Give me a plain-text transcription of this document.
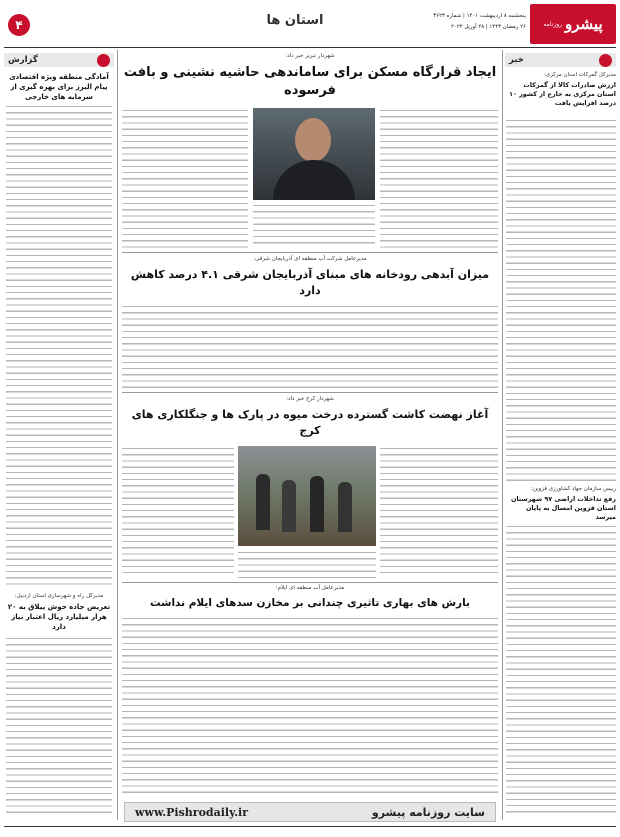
۴	استان ها	پنجشنبه ۸ اردیبهشت ۱۴۰۱ | شماره ۳۶۲۳
۲۶ رمضان ۱۴۴۳ | ۲۸ آوریل ۲۰۲۲	پیشرو
روزنامه
گزارش
آمادگی منطقه ویژه اقتصادی پیام البرز برای بهره گیری از سرمایه های خارجی
مدیرکل راه و شهرسازی استان اردبیل:
تعریض جاده خوش ییلاق به ۲۰ هزار میلیارد ریال اعتبار نیاز دارد
خبر
مدیرکل گمرکات استان مرکزی:
ارزش صادرات کالا از گمرکات استان مرکزی به خارج از کشور ۱۰ درصد افزایش یافت
رییس سازمان جهاد کشاورزی قزوین:
رفع تداخلات اراضی ۹۷ شهرستان استان قزوین امسال به پایان میرسد
شهردار تبریز خبر داد:
ایجاد قرارگاه مسکن برای ساماندهی حاشیه نشینی و بافت فرسوده
مدیرعامل شرکت آب منطقه ای آذربایجان شرقی:
میزان آبدهی رودخانه های مبنای آذربایجان شرقی ۴.۱ درصد کاهش دارد
شهردار کرج خبر داد:
آغاز نهضت کاشت گسترده درخت میوه در پارک ها و جنگلکاری های کرج
مدیرعامل آب منطقه ای ایلام:
بارش های بهاری تاثیری چندانی بر مخازن سدهای ایلام نداشت
سایت روزنامه پیشرو
www.Pishrodaily.ir
